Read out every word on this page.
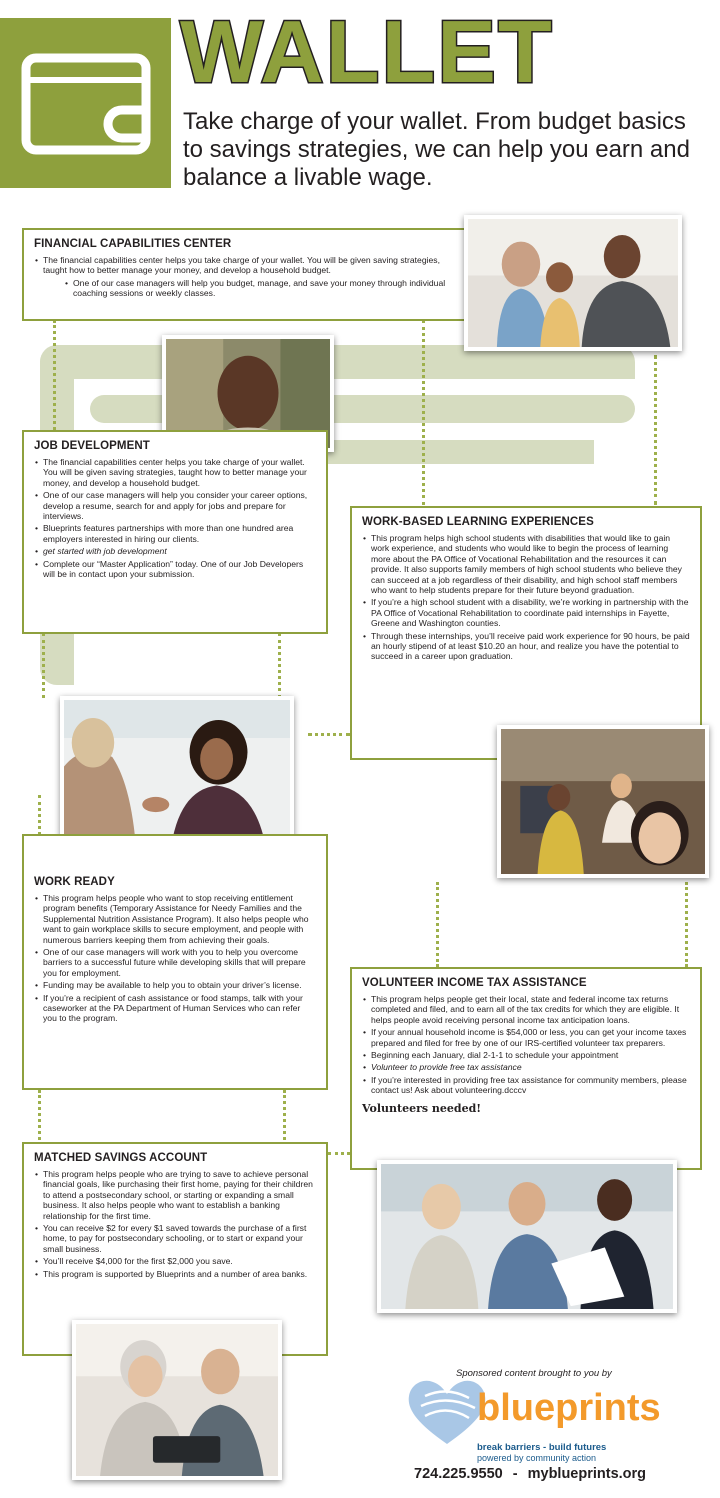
WALLET
Take charge of your wallet. From budget basics
to savings strategies, we can help you earn and
balance a livable wage.
FINANCIAL CAPABILITIES CENTER
• The financial capabilities center helps you take charge of your wallet. You will be given saving strategies, taught how to better manage your money, and develop a household budget.
• One of our case managers will help you budget, manage, and save your money through individual coaching sessions or weekly classes.
JOB DEVELOPMENT
• The financial capabilities center helps you take charge of your wallet. You will be given saving strategies, taught how to better manage your money, and develop a household budget.
• One of our case managers will help you consider your career options, develop a resume, search for and apply for jobs and prepare for interviews.
• Blueprints features partnerships with more than one hundred area employers interested in hiring our clients.
• get started with job development
• Complete our “Master Application” today. One of our Job Developers will be in contact upon your submission.
WORK-BASED LEARNING EXPERIENCES
• This program helps high school students with disabilities that would like to gain work experience, and students who would like to begin the process of learning more about the PA Office of Vocational Rehabilitation and the resources it can provide. It also supports family members of high school students who believe they can succeed at a job regardless of their disability, and high school staff members who want to help students prepare for their future beyond graduation.
• If you’re a high school student with a disability, we’re working in partnership with the PA Office of Vocational Rehabilitation to coordinate paid internships in Fayette, Greene and Washington counties.
• Through these internships, you’ll receive paid work experience for 90 hours, be paid an hourly stipend of at least $10.20 an hour, and realize you have the potential to succeed in a career upon graduation.
WORK READY
• This program helps people who want to stop receiving entitlement program benefits (Temporary Assistance for Needy Families and the Supplemental Nutrition Assistance Program). It also helps people who want to gain workplace skills to secure employment, and people with numerous barriers keeping them from achieving their goals.
• One of our case managers will work with you to help you overcome barriers to a successful future while developing skills that will prepare you for employment.
• Funding may be available to help you to obtain your driver’s license.
• If you’re a recipient of cash assistance or food stamps, talk with your caseworker at the PA Department of Human Services who can refer you to the program.
VOLUNTEER INCOME TAX ASSISTANCE
• This program helps people get their local, state and federal income tax returns completed and filed, and to earn all of the tax credits for which they are eligible. It helps people avoid receiving personal income tax anticipation loans.
• If your annual household income is $54,000 or less, you can get your income taxes prepared and filed for free by one of our IRS-certified volunteer tax preparers.
• Beginning each January, dial 2-1-1 to schedule your appointment
• Volunteer to provide free tax assistance
• If you’re interested in providing free tax assistance for community members, please contact us! Ask about volunteering.dcccv
Volunteers needed!
MATCHED SAVINGS ACCOUNT
• This program helps people who are trying to save to achieve personal financial goals, like purchasing their first home, paying for their children to attend a postsecondary school, or starting or expanding a small business. It also helps people who want to establish a banking relationship for the first time.
• You can receive $2 for every $1 saved towards the purchase of a first home, to pay for postsecondary schooling, or to start or expand your small business.
• You’ll receive $4,000 for the first $2,000 you save.
• This program is supported by Blueprints and a number of area banks.
Sponsored content brought to you by
blueprints
break barriers - build futures
powered by community action
724.225.9550 - myblueprints.org
